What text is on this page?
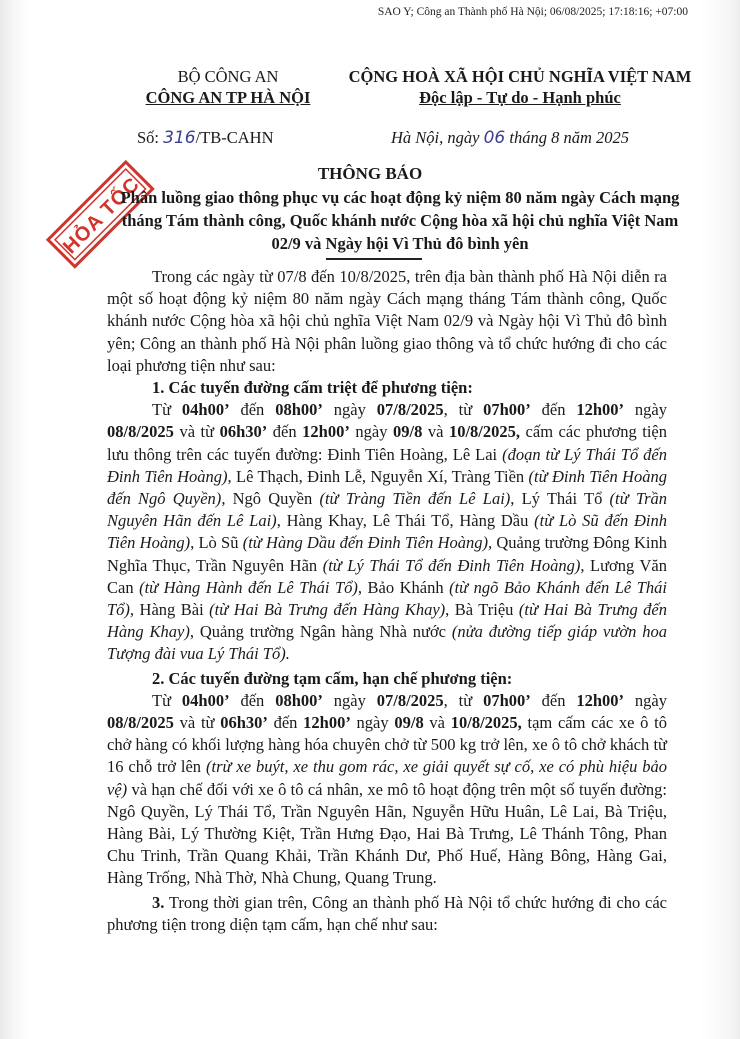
SAO Y; Công an Thành phố Hà Nội; 06/08/2025; 17:18:16; +07:00
BỘ CÔNG AN
CÔNG AN TP HÀ NỘI
CỘNG HOÀ XÃ HỘI CHỦ NGHĨA VIỆT NAM
Độc lập - Tự do - Hạnh phúc
Số: 316/TB-CAHN	Hà Nội, ngày 06 tháng 8 năm 2025
HỎA TỐC	THÔNG BÁO
Phân luồng giao thông phục vụ các hoạt động kỷ niệm 80 năm ngày Cách mạng tháng Tám thành công, Quốc khánh nước Cộng hòa xã hội chủ nghĩa Việt Nam 02/9 và Ngày hội Vì Thủ đô bình yên

Trong các ngày từ 07/8 đến 10/8/2025, trên địa bàn thành phố Hà Nội diễn ra một số hoạt động kỷ niệm 80 năm ngày Cách mạng tháng Tám thành công, Quốc khánh nước Cộng hòa xã hội chủ nghĩa Việt Nam 02/9 và Ngày hội Vì Thủ đô bình yên; Công an thành phố Hà Nội phân luồng giao thông và tổ chức hướng đi cho các loại phương tiện như sau:

1. Các tuyến đường cấm triệt để phương tiện:

Từ 04h00’ đến 08h00’ ngày 07/8/2025, từ 07h00’ đến 12h00’ ngày 08/8/2025 và từ 06h30’ đến 12h00’ ngày 09/8 và 10/8/2025, cấm các phương tiện lưu thông trên các tuyến đường: Đinh Tiên Hoàng, Lê Lai (đoạn từ Lý Thái Tổ đến Đinh Tiên Hoàng), Lê Thạch, Đinh Lễ, Nguyễn Xí, Tràng Tiền (từ Đinh Tiên Hoàng đến Ngô Quyền), Ngô Quyền (từ Tràng Tiền đến Lê Lai), Lý Thái Tổ (từ Trần Nguyên Hãn đến Lê Lai), Hàng Khay, Lê Thái Tổ, Hàng Dầu (từ Lò Sũ đến Đinh Tiên Hoàng), Lò Sũ (từ Hàng Dầu đến Đinh Tiên Hoàng), Quảng trường Đông Kinh Nghĩa Thục, Trần Nguyên Hãn (từ Lý Thái Tổ đến Đinh Tiên Hoàng), Lương Văn Can (từ Hàng Hành đến Lê Thái Tổ), Bảo Khánh (từ ngõ Bảo Khánh đến Lê Thái Tổ), Hàng Bài (từ Hai Bà Trưng đến Hàng Khay), Bà Triệu (từ Hai Bà Trưng đến Hàng Khay), Quảng trường Ngân hàng Nhà nước (nửa đường tiếp giáp vườn hoa Tượng đài vua Lý Thái Tổ).

2. Các tuyến đường tạm cấm, hạn chế phương tiện:

Từ 04h00’ đến 08h00’ ngày 07/8/2025, từ 07h00’ đến 12h00’ ngày 08/8/2025 và từ 06h30’ đến 12h00’ ngày 09/8 và 10/8/2025, tạm cấm các xe ô tô chở hàng có khối lượng hàng hóa chuyên chở từ 500 kg trở lên, xe ô tô chở khách từ 16 chỗ trở lên (trừ xe buýt, xe thu gom rác, xe giải quyết sự cố, xe có phù hiệu bảo vệ) và hạn chế đối với xe ô tô cá nhân, xe mô tô hoạt động trên một số tuyến đường: Ngô Quyền, Lý Thái Tổ, Trần Nguyên Hãn, Nguyễn Hữu Huân, Lê Lai, Bà Triệu, Hàng Bài, Lý Thường Kiệt, Trần Hưng Đạo, Hai Bà Trưng, Lê Thánh Tông, Phan Chu Trinh, Trần Quang Khải, Trần Khánh Dư, Phố Huế, Hàng Bông, Hàng Gai, Hàng Trống, Nhà Thờ, Nhà Chung, Quang Trung.

3. Trong thời gian trên, Công an thành phố Hà Nội tổ chức hướng đi cho các phương tiện trong diện tạm cấm, hạn chế như sau:
